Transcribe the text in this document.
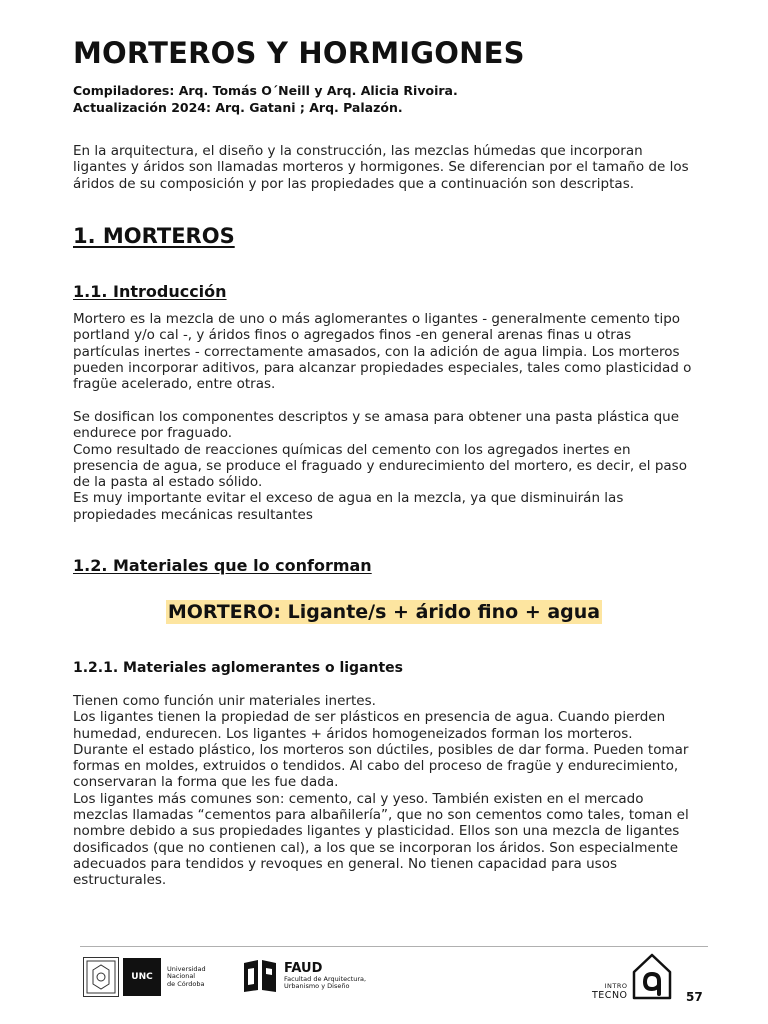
MORTEROS Y HORMIGONES
Compiladores: Arq. Tomás O´Neill y Arq. Alicia Rivoira.
Actualización 2024: Arq. Gatani ; Arq. Palazón.
En la arquitectura, el diseño y la construcción, las mezclas húmedas que incorporan
ligantes y áridos son llamadas morteros y hormigones. Se diferencian por el tamaño de los
áridos de su composición y por las propiedades que a continuación son descriptas.
1. MORTEROS
1.1. Introducción
Mortero es la mezcla de uno o más aglomerantes o ligantes - generalmente cemento tipo
portland y/o cal -, y áridos finos o agregados finos -en general arenas finas u otras
partículas inertes - correctamente amasados, con la adición de agua limpia. Los morteros
pueden incorporar aditivos, para alcanzar propiedades especiales, tales como plasticidad o
fragüe acelerado, entre otras.
Se dosifican los componentes descriptos y se amasa para obtener una pasta plástica que
endurece por fraguado.
Como resultado de reacciones químicas del cemento con los agregados inertes en
presencia de agua, se produce el fraguado y endurecimiento del mortero, es decir, el paso
de la pasta al estado sólido.
Es muy importante evitar el exceso de agua en la mezcla, ya que disminuirán las
propiedades mecánicas resultantes
1.2. Materiales que lo conforman
MORTERO: Ligante/s + árido fino + agua
1.2.1. Materiales aglomerantes o ligantes
Tienen como función unir materiales inertes.
Los ligantes tienen la propiedad de ser plásticos en presencia de agua. Cuando pierden
humedad, endurecen. Los ligantes + áridos homogeneizados forman los morteros.
Durante el estado plástico, los morteros son dúctiles, posibles de dar forma. Pueden tomar
formas en moldes, extruidos o tendidos. Al cabo del proceso de fragüe y endurecimiento,
conservaran la forma que les fue dada.
Los ligantes más comunes son: cemento, cal y yeso. También existen en el mercado
mezclas llamadas “cementos para albañilería”, que no son cementos como tales, toman el
nombre debido a sus propiedades ligantes y plasticidad. Ellos son una mezcla de ligantes
dosificados (que no contienen cal), a los que se incorporan los áridos. Son especialmente
adecuados para tendidos y revoques en general. No tienen capacidad para usos
estructurales.
UNC
Universidad
Nacional
de Córdoba
FAUD
Facultad de Arquitectura,
Urbanismo y Diseño	INTRO
TECNO	57
